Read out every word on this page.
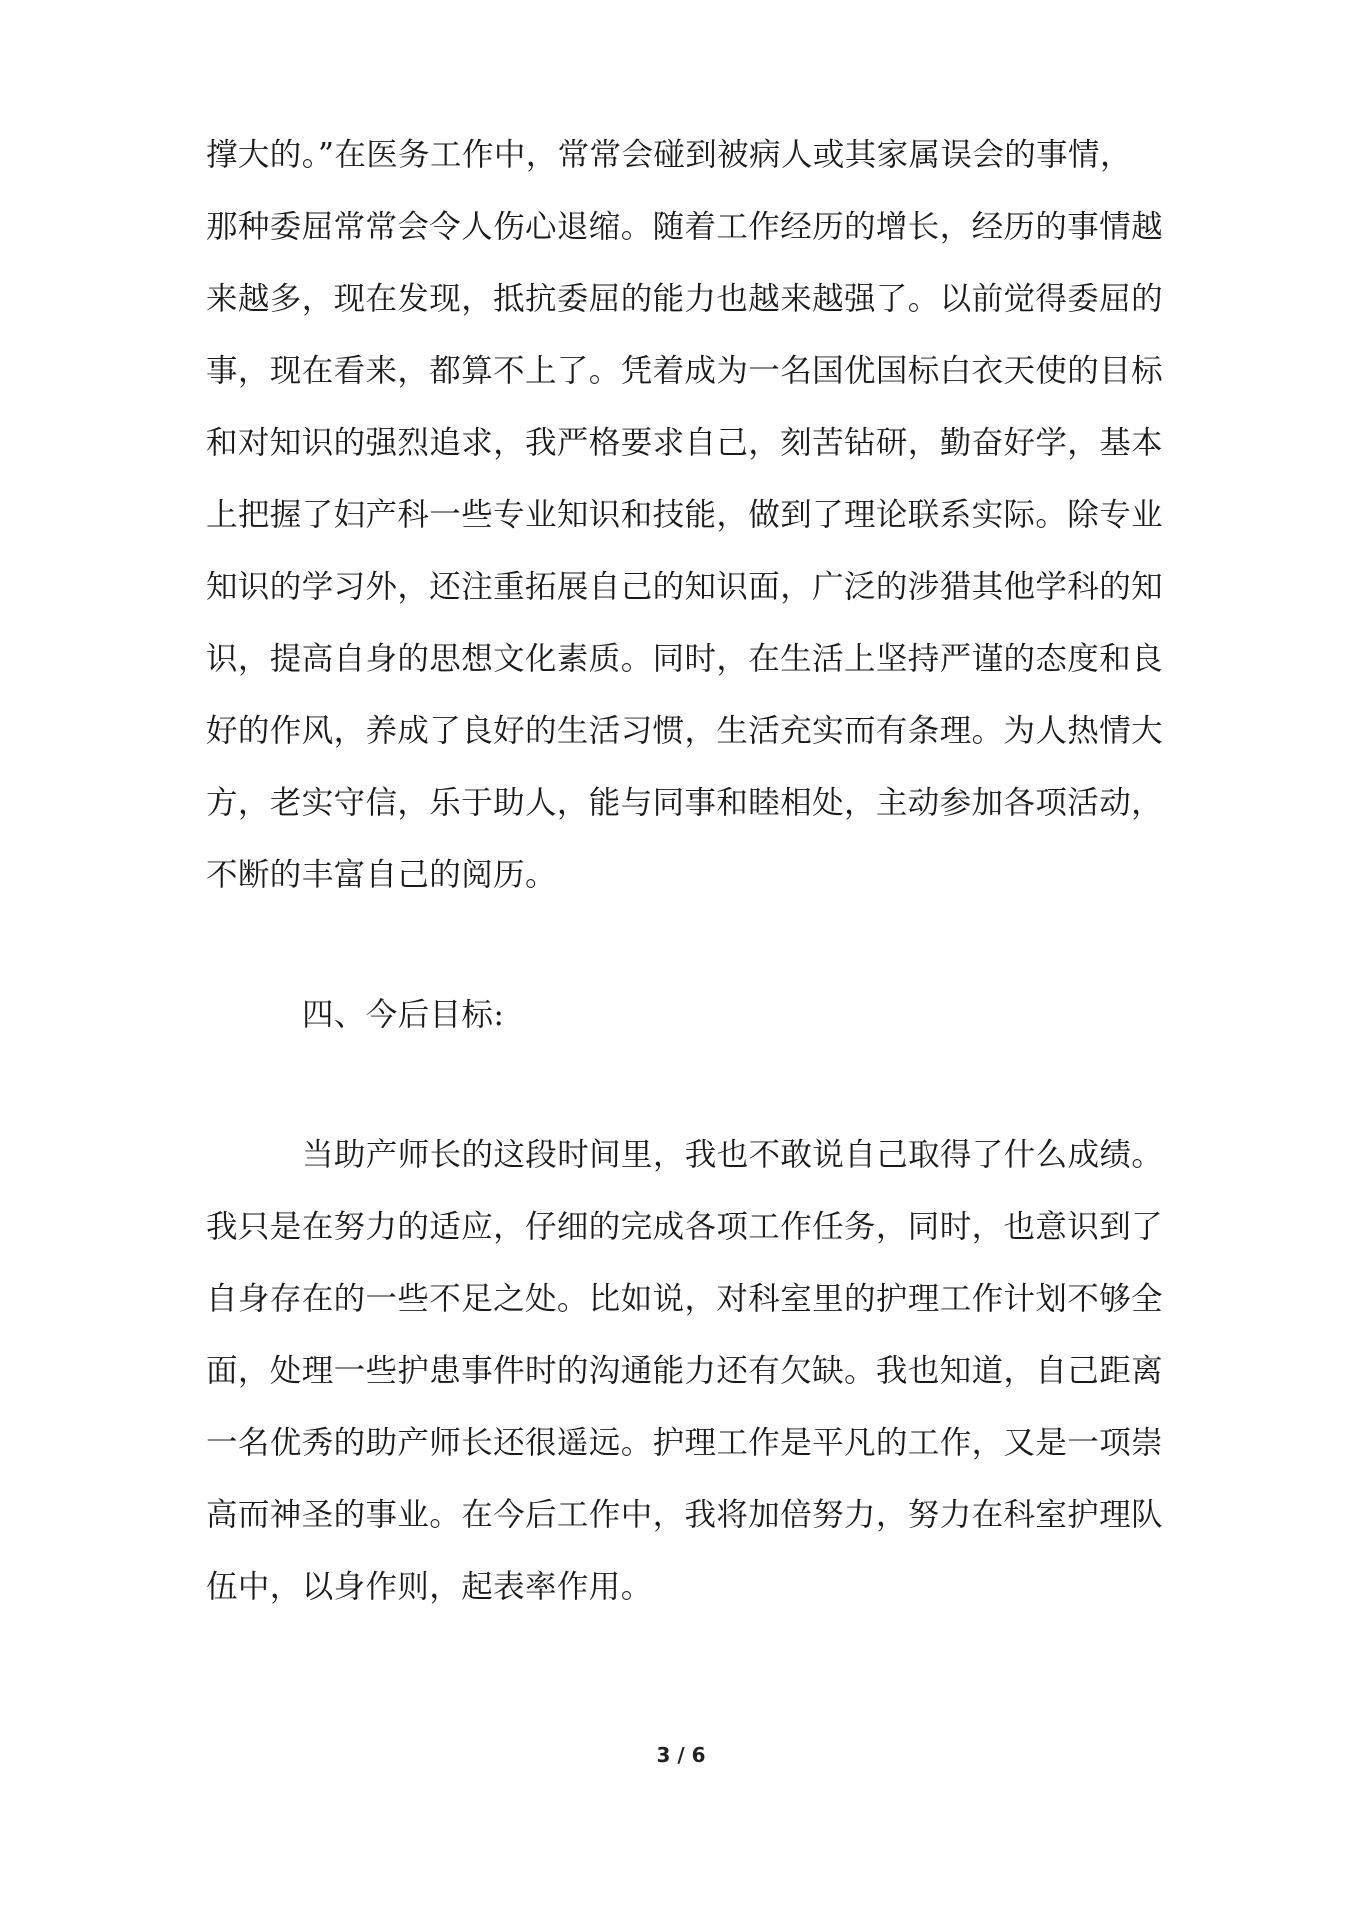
撑大的。”在医务工作中，常常会碰到被病人或其家属误会的事情，
那种委屈常常会令人伤心退缩。随着工作经历的增长，经历的事情越
来越多，现在发现，抵抗委屈的能力也越来越强了。以前觉得委屈的
事，现在看来，都算不上了。凭着成为一名国优国标白衣天使的目标
和对知识的强烈追求，我严格要求自己，刻苦钻研，勤奋好学，基本
上把握了妇产科一些专业知识和技能，做到了理论联系实际。除专业
知识的学习外，还注重拓展自己的知识面，广泛的涉猎其他学科的知
识，提高自身的思想文化素质。同时，在生活上坚持严谨的态度和良
好的作风，养成了良好的生活习惯，生活充实而有条理。为人热情大
方，老实守信，乐于助人，能与同事和睦相处，主动参加各项活动，
不断的丰富自己的阅历。
四、今后目标:
当助产师长的这段时间里，我也不敢说自己取得了什么成绩。
我只是在努力的适应，仔细的完成各项工作任务，同时，也意识到了
自身存在的一些不足之处。比如说，对科室里的护理工作计划不够全
面，处理一些护患事件时的沟通能力还有欠缺。我也知道，自己距离
一名优秀的助产师长还很遥远。护理工作是平凡的工作，又是一项崇
高而神圣的事业。在今后工作中，我将加倍努力，努力在科室护理队
伍中，以身作则，起表率作用。
3 / 6
